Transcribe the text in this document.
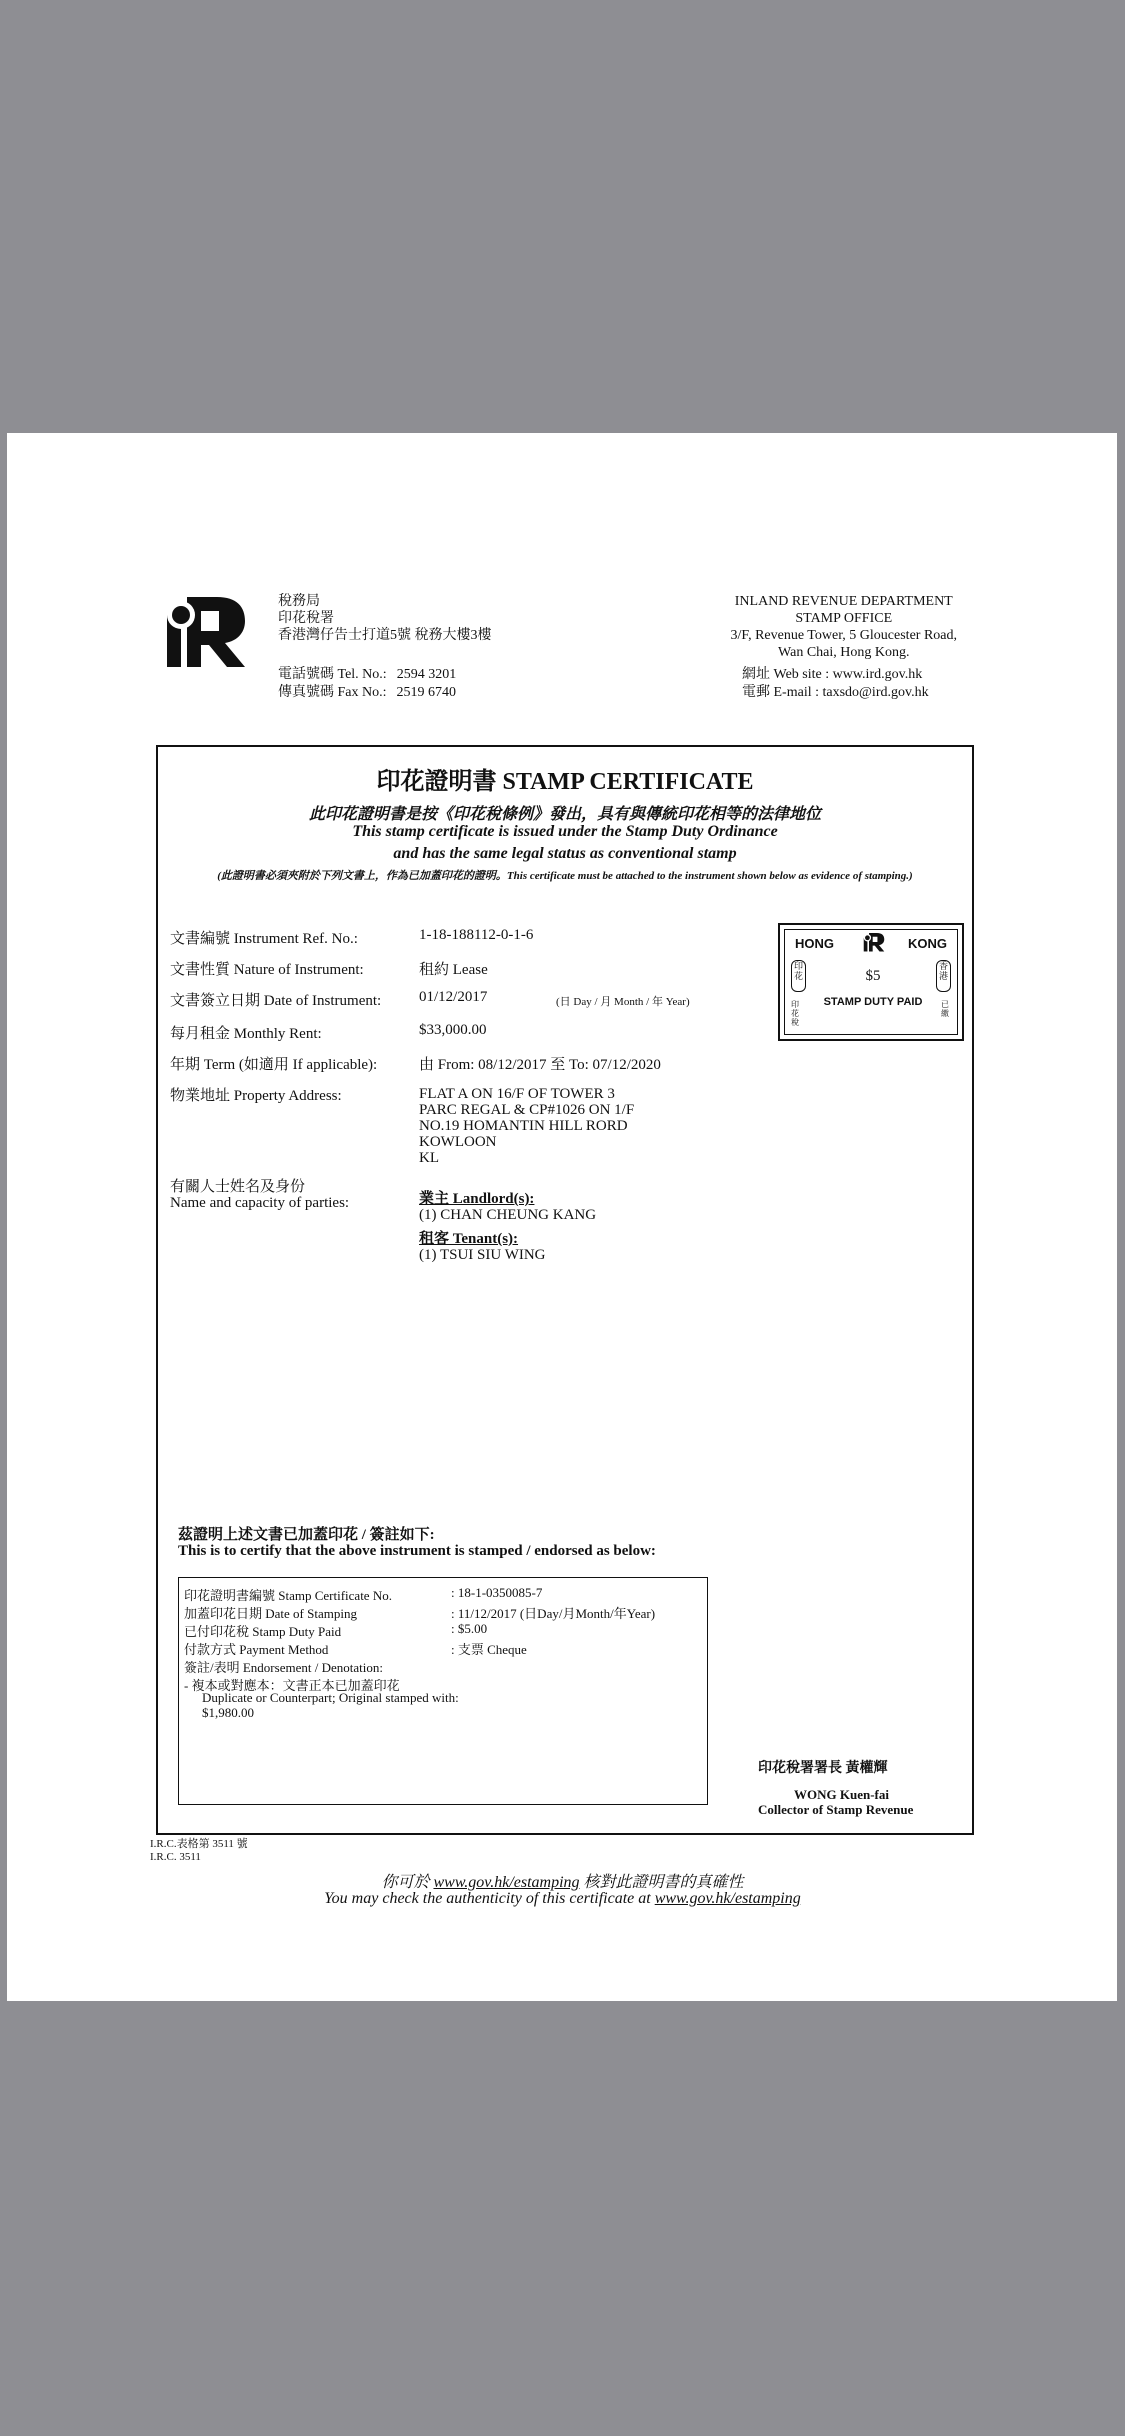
稅務局
印花稅署
香港灣仔告士打道5號 稅務大樓3樓
電話號碼 Tel. No.: 2594 3201
傳真號碼 Fax No.: 2519 6740
INLAND REVENUE DEPARTMENT
STAMP OFFICE
3/F, Revenue Tower, 5 Gloucester Road,
Wan Chai, Hong Kong.
網址 Web site : www.ird.gov.hk
電郵 E-mail : taxsdo@ird.gov.hk
印花證明書 STAMP CERTIFICATE
此印花證明書是按《印花稅條例》發出，具有與傳統印花相等的法律地位
This stamp certificate is issued under the Stamp Duty Ordinance
and has the same legal status as conventional stamp
(此證明書必須夾附於下列文書上，作為已加蓋印花的證明。This certificate must be attached to the instrument shown below as evidence of stamping.)
文書編號 Instrument Ref. No.:	1-18-188112-0-1-6
文書性質 Nature of Instrument:	租約 Lease
文書簽立日期 Date of Instrument:	01/12/2017	(日 Day / 月 Month / 年 Year)
每月租金 Monthly Rent:	$33,000.00
年期 Term (如適用 If applicable):	由 From: 08/12/2017 至 To: 07/12/2020
物業地址 Property Address:	FLAT A ON 16/F OF TOWER 3
PARC REGAL & CP#1026 ON 1/F
NO.19 HOMANTIN HILL RORD
KOWLOON
KL
有關人士姓名及身份
Name and capacity of parties:	業主 Landlord(s):
(1) CHAN CHEUNG KANG
租客 Tenant(s):
(1) TSUI SIU WING
HONG	KONG
$5
STAMP DUTY PAID
印花
香港
印花稅
已繳
茲證明上述文書已加蓋印花 / 簽註如下:
This is to certify that the above instrument is stamped / endorsed as below:
印花證明書編號 Stamp Certificate No.	: 18-1-0350085-7
加蓋印花日期 Date of Stamping	: 11/12/2017 (日Day/月Month/年Year)
已付印花稅 Stamp Duty Paid	: $5.00
付款方式 Payment Method	: 支票 Cheque
簽註/表明 Endorsement / Denotation:
- 複本或對應本：文書正本已加蓋印花
Duplicate or Counterpart; Original stamped with:
$1,980.00
印花稅署署長 黃權輝
WONG Kuen-fai
Collector of Stamp Revenue
I.R.C.表格第 3511 號
I.R.C. 3511
你可於 www.gov.hk/estamping 核對此證明書的真確性
You may check the authenticity of this certificate at www.gov.hk/estamping
